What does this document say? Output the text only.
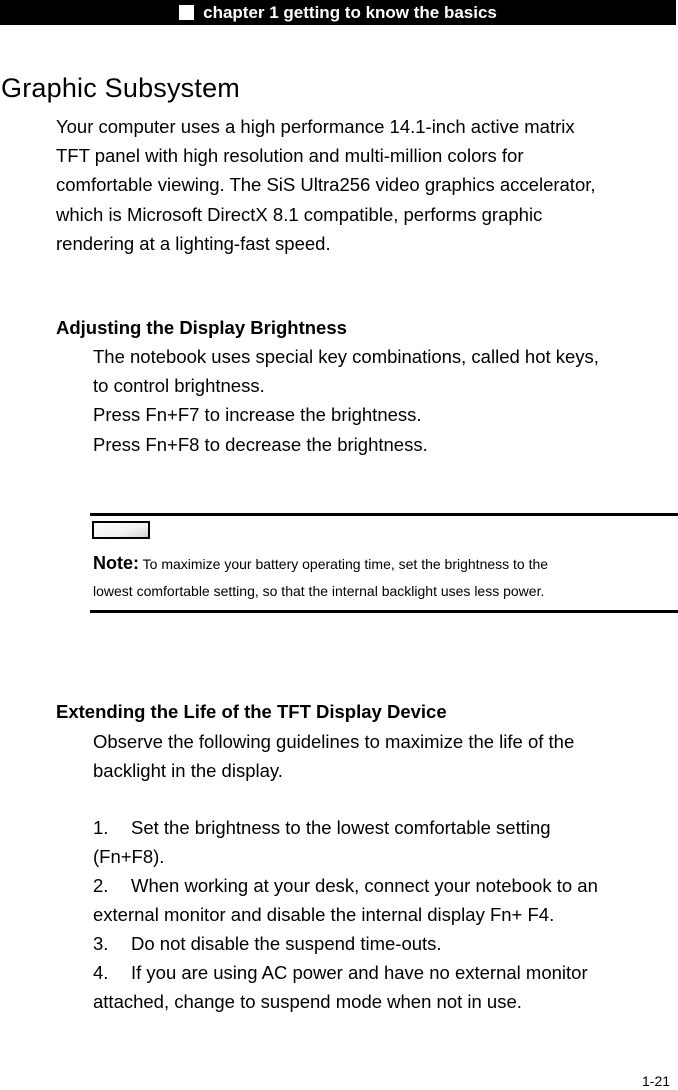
chapter 1 getting to know the basics
Graphic Subsystem

Your computer uses a high performance 14.1-inch active matrix
TFT panel with high resolution and multi-million colors for
comfortable viewing. The SiS Ultra256 video graphics accelerator,
which is Microsoft DirectX 8.1 compatible, performs graphic
rendering at a lighting-fast speed.

Adjusting the Display Brightness

The notebook uses special key combinations, called hot keys,
to control brightness.
Press Fn+F7 to increase the brightness.
Press Fn+F8 to decrease the brightness.

Note: To maximize your battery operating time, set the brightness to the
lowest comfortable setting, so that the internal backlight uses less power.

Extending the Life of the TFT Display Device

Observe the following guidelines to maximize the life of the
backlight in the display.

1. Set the brightness to the lowest comfortable setting
(Fn+F8).

2. When working at your desk, connect your notebook to an
external monitor and disable the internal display Fn+ F4.

3. Do not disable the suspend time-outs.

4. If you are using AC power and have no external monitor
attached, change to suspend mode when not in use.

1-21
